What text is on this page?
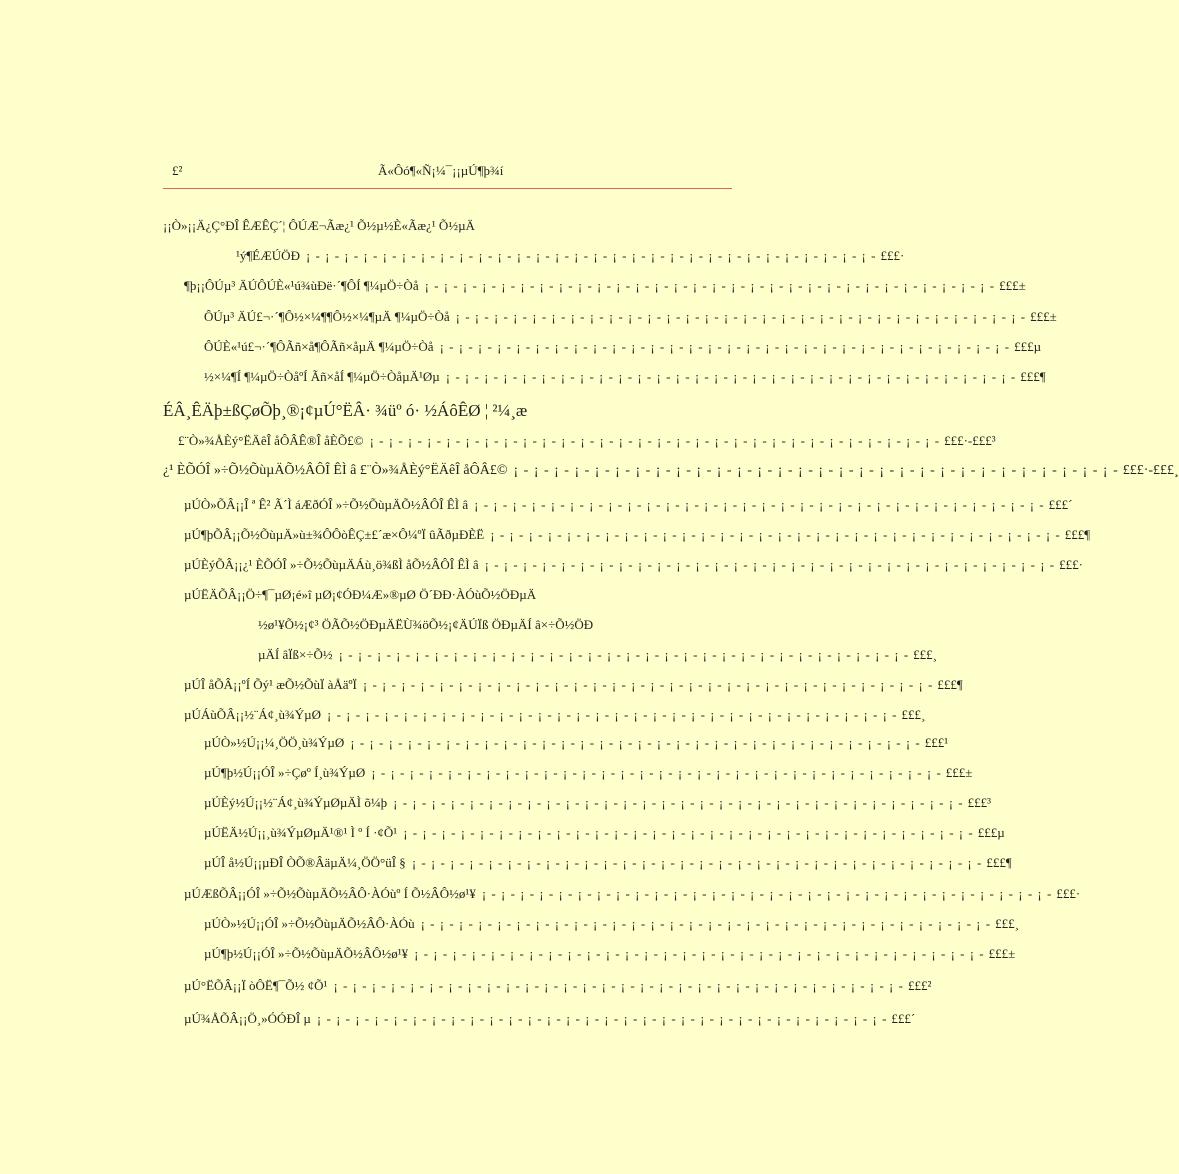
£²	Ã«Ôó¶«Ñ¡¼¯¡¡µÚ¶þ¾í
¡¡Ò»¡¡Ä¿Ç°ÐÎ ÊÆÊÇ´¦ ÔÚÆ¬Ãæ¿¹ Õ½µ½È«Ãæ¿¹ Õ½µÄ
¹ý¶ÉÆÚÖÐ ¡ - ¡ - ¡ - ¡ - ¡ - ¡ - ¡ - ¡ - ¡ - ¡ - ¡ - ¡ - ¡ - ¡ - ¡ - ¡ - ¡ - ¡ - ¡ - ¡ - ¡ - ¡ - ¡ - ¡ - ¡ - ¡ - ¡ - ¡ - ¡ - ¡ - £££·
¶þ¡¡ÔÚµ³ ÄÚÔÚÈ«¹ú¾ùÐë·´¶ÔÍ ¶¼µÖ÷Òå ¡ - ¡ - ¡ - ¡ - ¡ - ¡ - ¡ - ¡ - ¡ - ¡ - ¡ - ¡ - ¡ - ¡ - ¡ - ¡ - ¡ - ¡ - ¡ - ¡ - ¡ - ¡ - ¡ - ¡ - ¡ - ¡ - ¡ - ¡ - ¡ - ¡ - £££±
ÔÚµ³ ÄÚ£¬·´¶Ô½×¼¶¶Ô½×¼¶µÄ ¶¼µÖ÷Òå ¡ - ¡ - ¡ - ¡ - ¡ - ¡ - ¡ - ¡ - ¡ - ¡ - ¡ - ¡ - ¡ - ¡ - ¡ - ¡ - ¡ - ¡ - ¡ - ¡ - ¡ - ¡ - ¡ - ¡ - ¡ - ¡ - ¡ - ¡ - ¡ - ¡ - £££±
ÔÚÈ«¹ú£¬·´¶ÔÃñ×å¶ÔÃñ×åµÄ ¶¼µÖ÷Òå ¡ - ¡ - ¡ - ¡ - ¡ - ¡ - ¡ - ¡ - ¡ - ¡ - ¡ - ¡ - ¡ - ¡ - ¡ - ¡ - ¡ - ¡ - ¡ - ¡ - ¡ - ¡ - ¡ - ¡ - ¡ - ¡ - ¡ - ¡ - ¡ - ¡ - £££µ
½×¼¶Í ¶¼µÖ÷ÒåºÍ Ãñ×åÍ ¶¼µÖ÷ÒåµÄ¹Øµ ¡ - ¡ - ¡ - ¡ - ¡ - ¡ - ¡ - ¡ - ¡ - ¡ - ¡ - ¡ - ¡ - ¡ - ¡ - ¡ - ¡ - ¡ - ¡ - ¡ - ¡ - ¡ - ¡ - ¡ - ¡ - ¡ - ¡ - ¡ - ¡ - ¡ - £££¶
ÉÂ¸ÊÄþ±ßÇøÕþ¸®¡¢µÚ°ËÂ· ¾üº ó· ½ÁôÊØ ¦ ²¼¸æ
£¨Ò»¾ÅÈý°ËÄêÎ åÔÂÊ®Î åÈÕ£© ¡ - ¡ - ¡ - ¡ - ¡ - ¡ - ¡ - ¡ - ¡ - ¡ - ¡ - ¡ - ¡ - ¡ - ¡ - ¡ - ¡ - ¡ - ¡ - ¡ - ¡ - ¡ - ¡ - ¡ - ¡ - ¡ - ¡ - ¡ - ¡ - ¡ - £££·-£££³
¿¹ ÈÕÓÎ »÷Õ½ÕùµÄÕ½ÂÔÎ ÊÌ â £¨Ò»¾ÅÈý°ËÄêÎ åÔÂ£© ¡ - ¡ - ¡ - ¡ - ¡ - ¡ - ¡ - ¡ - ¡ - ¡ - ¡ - ¡ - ¡ - ¡ - ¡ - ¡ - ¡ - ¡ - ¡ - ¡ - ¡ - ¡ - ¡ - ¡ - ¡ - ¡ - ¡ - ¡ - ¡ - ¡ - £££·-£££¸
µÚÒ»ÕÂ¡¡Î ª Ê² Ã´Ì áÆðÓÎ »÷Õ½ÕùµÄÕ½ÂÔÎ ÊÌ â ¡ - ¡ - ¡ - ¡ - ¡ - ¡ - ¡ - ¡ - ¡ - ¡ - ¡ - ¡ - ¡ - ¡ - ¡ - ¡ - ¡ - ¡ - ¡ - ¡ - ¡ - ¡ - ¡ - ¡ - ¡ - ¡ - ¡ - ¡ - ¡ - ¡ - £££´
µÚ¶þÕÂ¡¡Õ½ÕùµÄ»ù±¾ÔÔòÊÇ±£´æ×Ô¼ºÏ ûÃðµÐÈË ¡ - ¡ - ¡ - ¡ - ¡ - ¡ - ¡ - ¡ - ¡ - ¡ - ¡ - ¡ - ¡ - ¡ - ¡ - ¡ - ¡ - ¡ - ¡ - ¡ - ¡ - ¡ - ¡ - ¡ - ¡ - ¡ - ¡ - ¡ - ¡ - ¡ - £££¶
µÚÈýÕÂ¡¡¿¹ ÈÕÓÎ »÷Õ½ÕùµÄÁù¸ö¾ßÌ åÕ½ÂÔÎ ÊÌ â ¡ - ¡ - ¡ - ¡ - ¡ - ¡ - ¡ - ¡ - ¡ - ¡ - ¡ - ¡ - ¡ - ¡ - ¡ - ¡ - ¡ - ¡ - ¡ - ¡ - ¡ - ¡ - ¡ - ¡ - ¡ - ¡ - ¡ - ¡ - ¡ - ¡ - £££·
µÚËÄÕÂ¡¡Ö÷¶¯µØ¡é»î µØ¡¢ÓÐ¼Æ»®µØ Ö´ÐÐ·ÀÓùÕ½ÖÐµÄ
½ø¹¥Õ½¡¢³ ÖÃÕ½ÖÐµÄËÙ¾öÕ½¡¢ÄÚÏß ÖÐµÄÍ â×÷Õ½ÖÐ
µÄÍ âÏß×÷Õ½ ¡ - ¡ - ¡ - ¡ - ¡ - ¡ - ¡ - ¡ - ¡ - ¡ - ¡ - ¡ - ¡ - ¡ - ¡ - ¡ - ¡ - ¡ - ¡ - ¡ - ¡ - ¡ - ¡ - ¡ - ¡ - ¡ - ¡ - ¡ - ¡ - ¡ - £££¸
µÚÎ åÕÂ¡¡ºÍ Õý¹ æÕ½ÕùÏ àÅäºÏ ¡ - ¡ - ¡ - ¡ - ¡ - ¡ - ¡ - ¡ - ¡ - ¡ - ¡ - ¡ - ¡ - ¡ - ¡ - ¡ - ¡ - ¡ - ¡ - ¡ - ¡ - ¡ - ¡ - ¡ - ¡ - ¡ - ¡ - ¡ - ¡ - ¡ - £££¶
µÚÁùÕÂ¡¡½¨Á¢¸ù¾ÝµØ ¡ - ¡ - ¡ - ¡ - ¡ - ¡ - ¡ - ¡ - ¡ - ¡ - ¡ - ¡ - ¡ - ¡ - ¡ - ¡ - ¡ - ¡ - ¡ - ¡ - ¡ - ¡ - ¡ - ¡ - ¡ - ¡ - ¡ - ¡ - ¡ - ¡ - £££¸
µÚÒ»½Ú¡¡¼¸ÖÖ¸ù¾ÝµØ ¡ - ¡ - ¡ - ¡ - ¡ - ¡ - ¡ - ¡ - ¡ - ¡ - ¡ - ¡ - ¡ - ¡ - ¡ - ¡ - ¡ - ¡ - ¡ - ¡ - ¡ - ¡ - ¡ - ¡ - ¡ - ¡ - ¡ - ¡ - ¡ - ¡ - £££¹
µÚ¶þ½Ú¡¡ÓÎ »÷Çøº Í¸ù¾ÝµØ ¡ - ¡ - ¡ - ¡ - ¡ - ¡ - ¡ - ¡ - ¡ - ¡ - ¡ - ¡ - ¡ - ¡ - ¡ - ¡ - ¡ - ¡ - ¡ - ¡ - ¡ - ¡ - ¡ - ¡ - ¡ - ¡ - ¡ - ¡ - ¡ - ¡ - £££±
µÚÈý½Ú¡¡½¨Á¢¸ù¾ÝµØµÄÌ õ¼þ ¡ - ¡ - ¡ - ¡ - ¡ - ¡ - ¡ - ¡ - ¡ - ¡ - ¡ - ¡ - ¡ - ¡ - ¡ - ¡ - ¡ - ¡ - ¡ - ¡ - ¡ - ¡ - ¡ - ¡ - ¡ - ¡ - ¡ - ¡ - ¡ - ¡ - £££³
µÚËÄ½Ú¡¡¸ù¾ÝµØµÄ¹®¹ Ì º Í ·¢Õ¹ ¡ - ¡ - ¡ - ¡ - ¡ - ¡ - ¡ - ¡ - ¡ - ¡ - ¡ - ¡ - ¡ - ¡ - ¡ - ¡ - ¡ - ¡ - ¡ - ¡ - ¡ - ¡ - ¡ - ¡ - ¡ - ¡ - ¡ - ¡ - ¡ - ¡ - £££µ
µÚÎ å½Ú¡¡µÐÎ ÒÕ®ÂäµÄ¼¸ÖÖ°üÎ § ¡ - ¡ - ¡ - ¡ - ¡ - ¡ - ¡ - ¡ - ¡ - ¡ - ¡ - ¡ - ¡ - ¡ - ¡ - ¡ - ¡ - ¡ - ¡ - ¡ - ¡ - ¡ - ¡ - ¡ - ¡ - ¡ - ¡ - ¡ - ¡ - ¡ - £££¶
µÚÆßÕÂ¡¡ÓÎ »÷Õ½ÕùµÄÕ½ÂÔ·ÀÓùº Í Õ½ÂÔ½ø¹¥ ¡ - ¡ - ¡ - ¡ - ¡ - ¡ - ¡ - ¡ - ¡ - ¡ - ¡ - ¡ - ¡ - ¡ - ¡ - ¡ - ¡ - ¡ - ¡ - ¡ - ¡ - ¡ - ¡ - ¡ - ¡ - ¡ - ¡ - ¡ - ¡ - ¡ - £££·
µÚÒ»½Ú¡¡ÓÎ »÷Õ½ÕùµÄÕ½ÂÔ·ÀÓù ¡ - ¡ - ¡ - ¡ - ¡ - ¡ - ¡ - ¡ - ¡ - ¡ - ¡ - ¡ - ¡ - ¡ - ¡ - ¡ - ¡ - ¡ - ¡ - ¡ - ¡ - ¡ - ¡ - ¡ - ¡ - ¡ - ¡ - ¡ - ¡ - ¡ - £££¸
µÚ¶þ½Ú¡¡ÓÎ »÷Õ½ÕùµÄÕ½ÂÔ½ø¹¥ ¡ - ¡ - ¡ - ¡ - ¡ - ¡ - ¡ - ¡ - ¡ - ¡ - ¡ - ¡ - ¡ - ¡ - ¡ - ¡ - ¡ - ¡ - ¡ - ¡ - ¡ - ¡ - ¡ - ¡ - ¡ - ¡ - ¡ - ¡ - ¡ - ¡ - £££±
µÚ°ËÕÂ¡¡Ï òÔË¶¯Õ½ ¢Õ¹ ¡ - ¡ - ¡ - ¡ - ¡ - ¡ - ¡ - ¡ - ¡ - ¡ - ¡ - ¡ - ¡ - ¡ - ¡ - ¡ - ¡ - ¡ - ¡ - ¡ - ¡ - ¡ - ¡ - ¡ - ¡ - ¡ - ¡ - ¡ - ¡ - ¡ - £££²
µÚ¾ÅÕÂ¡¡Ö¸»ÓÓÐÎ µ ¡ - ¡ - ¡ - ¡ - ¡ - ¡ - ¡ - ¡ - ¡ - ¡ - ¡ - ¡ - ¡ - ¡ - ¡ - ¡ - ¡ - ¡ - ¡ - ¡ - ¡ - ¡ - ¡ - ¡ - ¡ - ¡ - ¡ - ¡ - ¡ - ¡ - £££´
